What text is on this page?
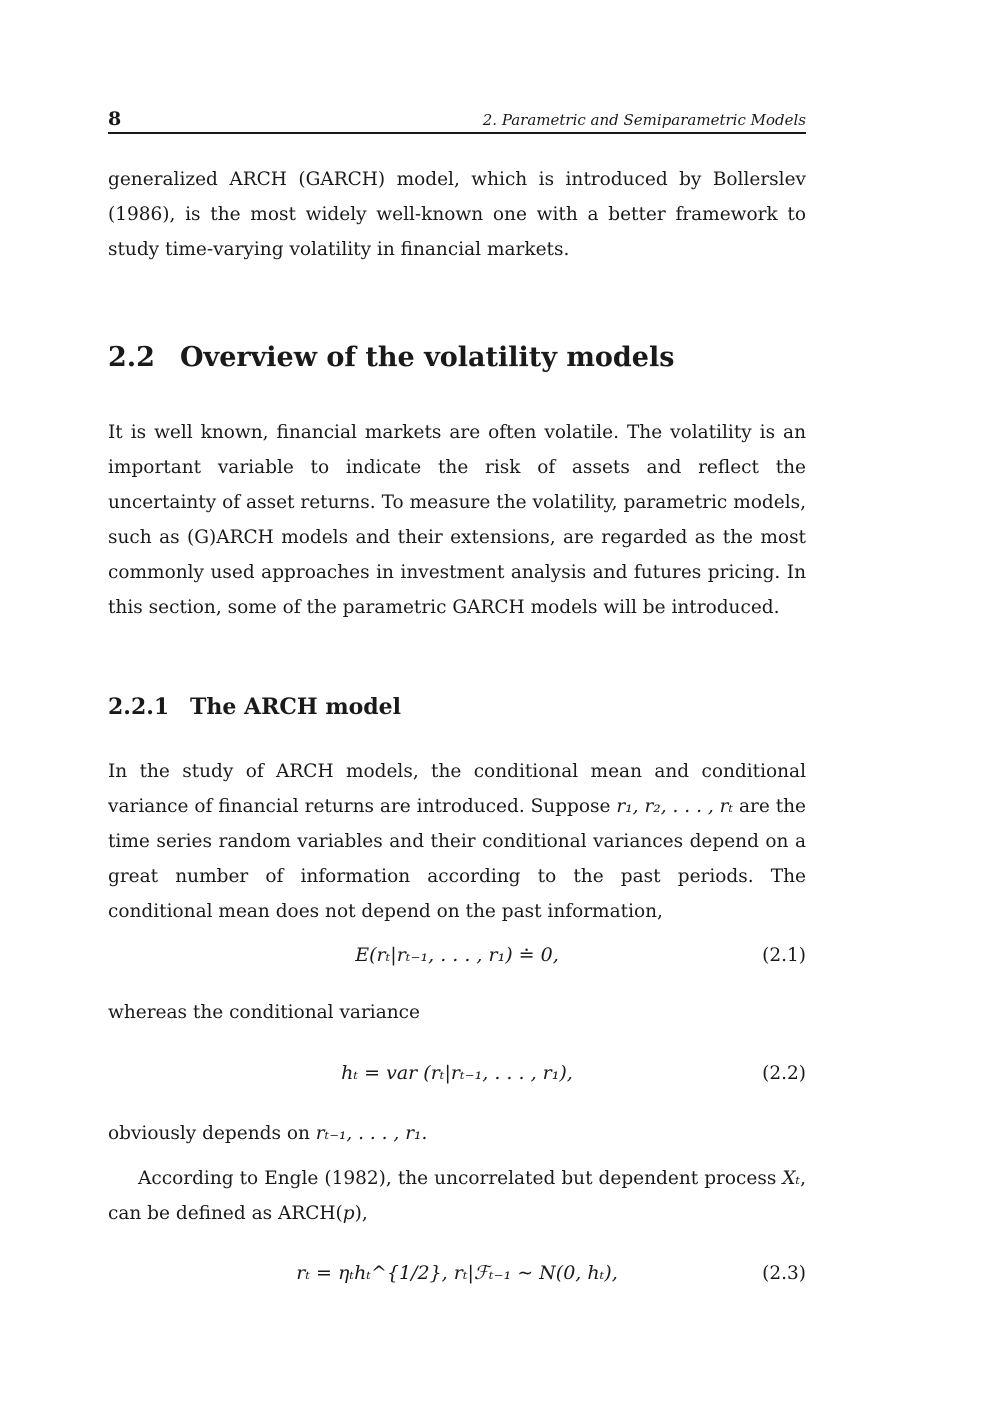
8	2. Parametric and Semiparametric Models

generalized ARCH (GARCH) model, which is introduced by Bollerslev (1986), is the most widely well-known one with a better framework to study time-varying volatility in financial markets.

2.2 Overview of the volatility models

It is well known, financial markets are often volatile. The volatility is an important variable to indicate the risk of assets and reflect the uncertainty of asset returns. To measure the volatility, parametric models, such as (G)ARCH models and their extensions, are regarded as the most commonly used approaches in investment analysis and futures pricing. In this section, some of the parametric GARCH models will be introduced.

2.2.1 The ARCH model

In the study of ARCH models, the conditional mean and conditional variance of financial returns are introduced. Suppose r₁, r₂, . . . , rₜ are the time series random variables and their conditional variances depend on a great number of information according to the past periods. The conditional mean does not depend on the past information,

E(rₜ|rₜ₋₁, . . . , r₁) ≐ 0,	(2.1)

whereas the conditional variance

hₜ = var (rₜ|rₜ₋₁, . . . , r₁),	(2.2)

obviously depends on rₜ₋₁, . . . , r₁.

According to Engle (1982), the uncorrelated but dependent process Xₜ, can be defined as ARCH(p),

rₜ = ηₜhₜ^{1/2}, rₜ|ℱₜ₋₁ ∼ N(0, hₜ),	(2.3)
